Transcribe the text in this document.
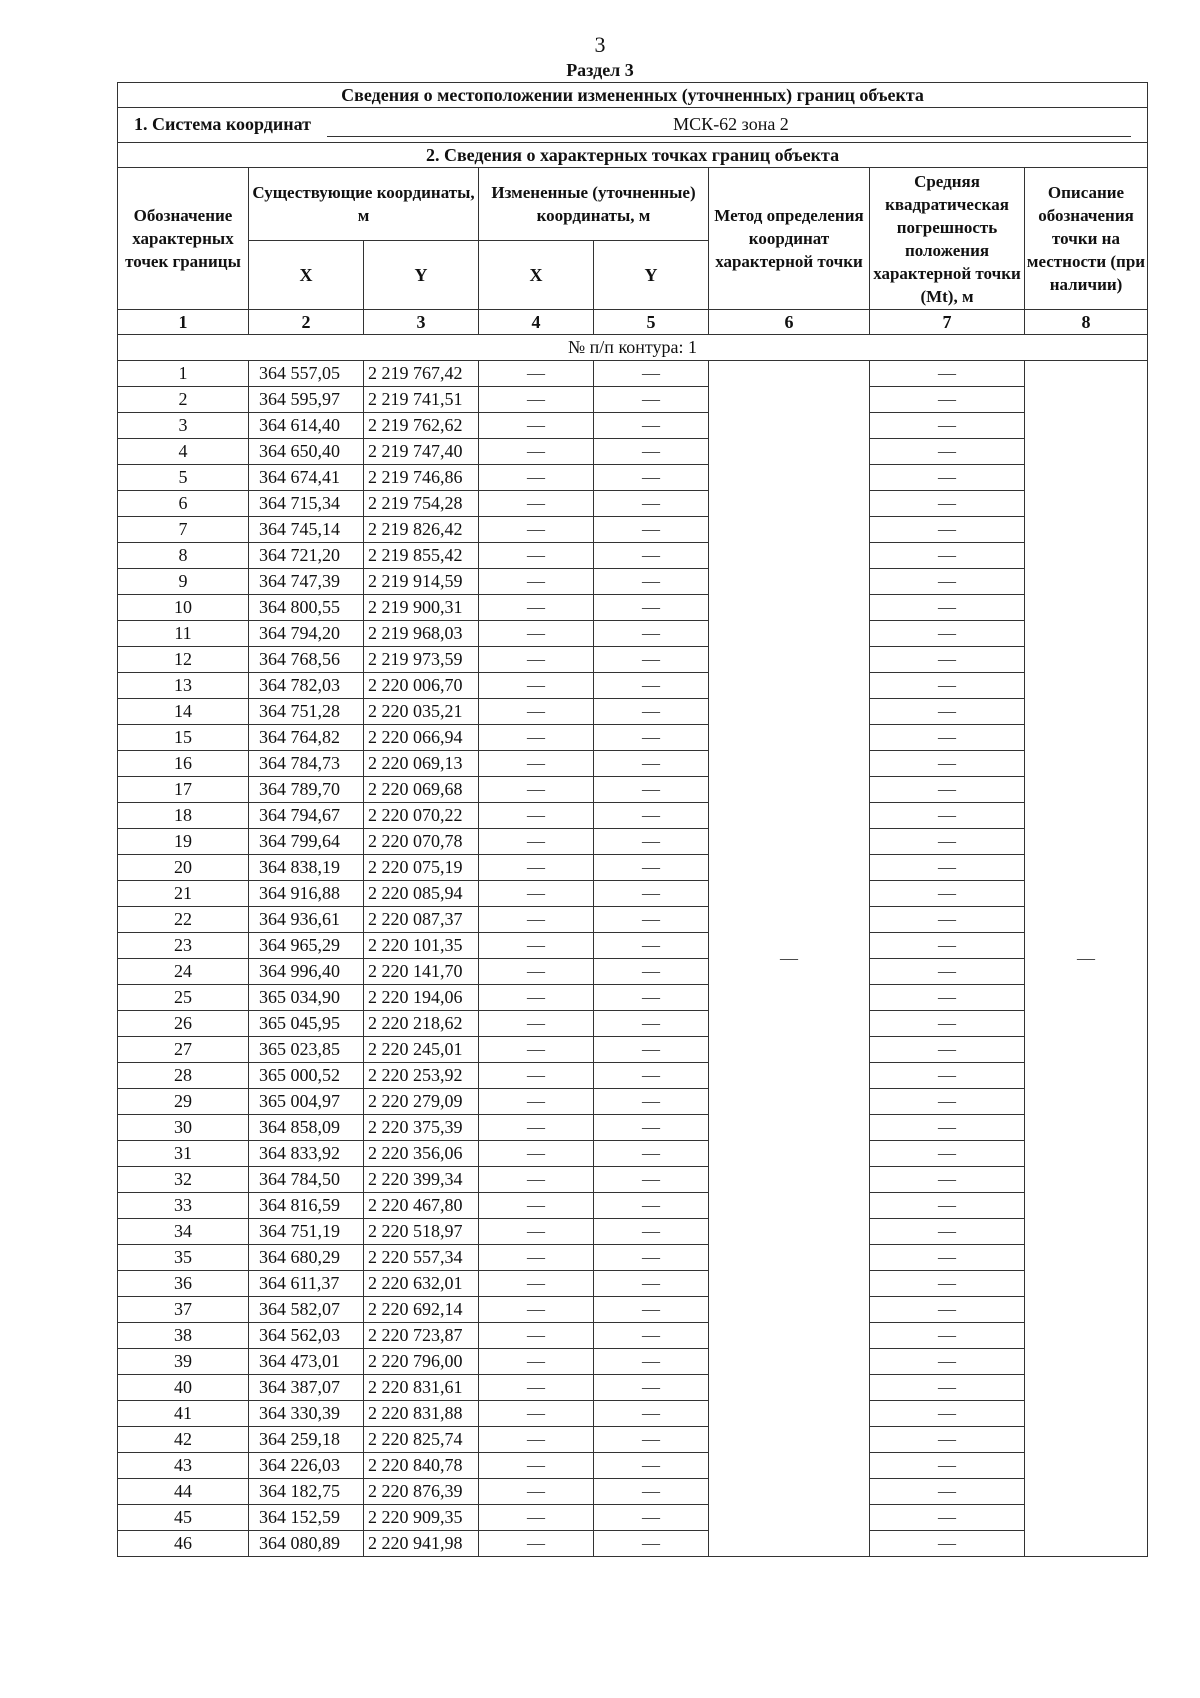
3
Раздел 3
Сведения о местоположении измененных (уточненных) границ объекта							
1. Система координат МСК-62 зона 2							
2. Сведения о характерных точках границ объекта							
Обозначение характерных точек границы	Существующие координаты, м		Измененные (уточненные) координаты, м		Метод определения координат характерной точки	Средняя квадратическая погрешность положения характерной точки (Mt), м	Описание обозначения точки на местности (при наличии)
	X	Y	X	Y			
1	2	3	4	5	6	7	8
№ п/п контура: 1							
1	364 557,05	2 219 767,42	—	—	—	—	—
2	364 595,97	2 219 741,51	—	—		—	
3	364 614,40	2 219 762,62	—	—		—	
4	364 650,40	2 219 747,40	—	—		—	
5	364 674,41	2 219 746,86	—	—		—	
6	364 715,34	2 219 754,28	—	—		—	
7	364 745,14	2 219 826,42	—	—		—	
8	364 721,20	2 219 855,42	—	—		—	
9	364 747,39	2 219 914,59	—	—		—	
10	364 800,55	2 219 900,31	—	—		—	
11	364 794,20	2 219 968,03	—	—		—	
12	364 768,56	2 219 973,59	—	—		—	
13	364 782,03	2 220 006,70	—	—		—	
14	364 751,28	2 220 035,21	—	—		—	
15	364 764,82	2 220 066,94	—	—		—	
16	364 784,73	2 220 069,13	—	—		—	
17	364 789,70	2 220 069,68	—	—		—	
18	364 794,67	2 220 070,22	—	—		—	
19	364 799,64	2 220 070,78	—	—		—	
20	364 838,19	2 220 075,19	—	—		—	
21	364 916,88	2 220 085,94	—	—		—	
22	364 936,61	2 220 087,37	—	—		—	
23	364 965,29	2 220 101,35	—	—		—	
24	364 996,40	2 220 141,70	—	—		—	
25	365 034,90	2 220 194,06	—	—		—	
26	365 045,95	2 220 218,62	—	—		—	
27	365 023,85	2 220 245,01	—	—		—	
28	365 000,52	2 220 253,92	—	—		—	
29	365 004,97	2 220 279,09	—	—		—	
30	364 858,09	2 220 375,39	—	—		—	
31	364 833,92	2 220 356,06	—	—		—	
32	364 784,50	2 220 399,34	—	—		—	
33	364 816,59	2 220 467,80	—	—		—	
34	364 751,19	2 220 518,97	—	—		—	
35	364 680,29	2 220 557,34	—	—		—	
36	364 611,37	2 220 632,01	—	—		—	
37	364 582,07	2 220 692,14	—	—		—	
38	364 562,03	2 220 723,87	—	—		—	
39	364 473,01	2 220 796,00	—	—		—	
40	364 387,07	2 220 831,61	—	—		—	
41	364 330,39	2 220 831,88	—	—		—	
42	364 259,18	2 220 825,74	—	—		—	
43	364 226,03	2 220 840,78	—	—		—	
44	364 182,75	2 220 876,39	—	—		—	
45	364 152,59	2 220 909,35	—	—		—	
46	364 080,89	2 220 941,98	—	—		—	
